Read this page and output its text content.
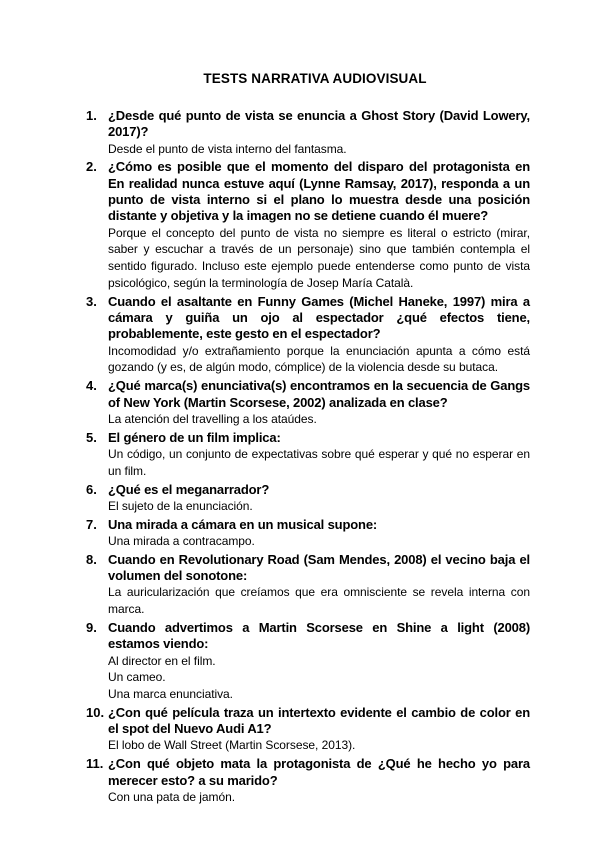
TESTS NARRATIVA AUDIOVISUAL
1. ¿Desde qué punto de vista se enuncia a Ghost Story (David Lowery, 2017)?

Desde el punto de vista interno del fantasma.

2. ¿Cómo es posible que el momento del disparo del protagonista en En realidad nunca estuve aquí (Lynne Ramsay, 2017), responda a un punto de vista interno si el plano lo muestra desde una posición distante y objetiva y la imagen no se detiene cuando él muere?

Porque el concepto del punto de vista no siempre es literal o estricto (mirar, saber y escuchar a través de un personaje) sino que también contempla el sentido figurado. Incluso este ejemplo puede entenderse como punto de vista psicológico, según la terminología de Josep María Català.

3. Cuando el asaltante en Funny Games (Michel Haneke, 1997) mira a cámara y guiña un ojo al espectador ¿qué efectos tiene, probablemente, este gesto en el espectador?

Incomodidad y/o extrañamiento porque la enunciación apunta a cómo está gozando (y es, de algún modo, cómplice) de la violencia desde su butaca.

4. ¿Qué marca(s) enunciativa(s) encontramos en la secuencia de Gangs of New York (Martin Scorsese, 2002) analizada en clase?

La atención del travelling a los ataúdes.

5. El género de un film implica:

Un código, un conjunto de expectativas sobre qué esperar y qué no esperar en un film.

6. ¿Qué es el meganarrador?

El sujeto de la enunciación.

7. Una mirada a cámara en un musical supone:

Una mirada a contracampo.

8. Cuando en Revolutionary Road (Sam Mendes, 2008) el vecino baja el volumen del sonotone:

La auricularización que creíamos que era omnisciente se revela interna con marca.

9. Cuando advertimos a Martin Scorsese en Shine a light (2008) estamos viendo:

Al director en el film.

Un cameo.

Una marca enunciativa.

10. ¿Con qué película traza un intertexto evidente el cambio de color en el spot del Nuevo Audi A1?

El lobo de Wall Street (Martin Scorsese, 2013).

11. ¿Con qué objeto mata la protagonista de ¿Qué he hecho yo para merecer esto? a su marido?

Con una pata de jamón.
